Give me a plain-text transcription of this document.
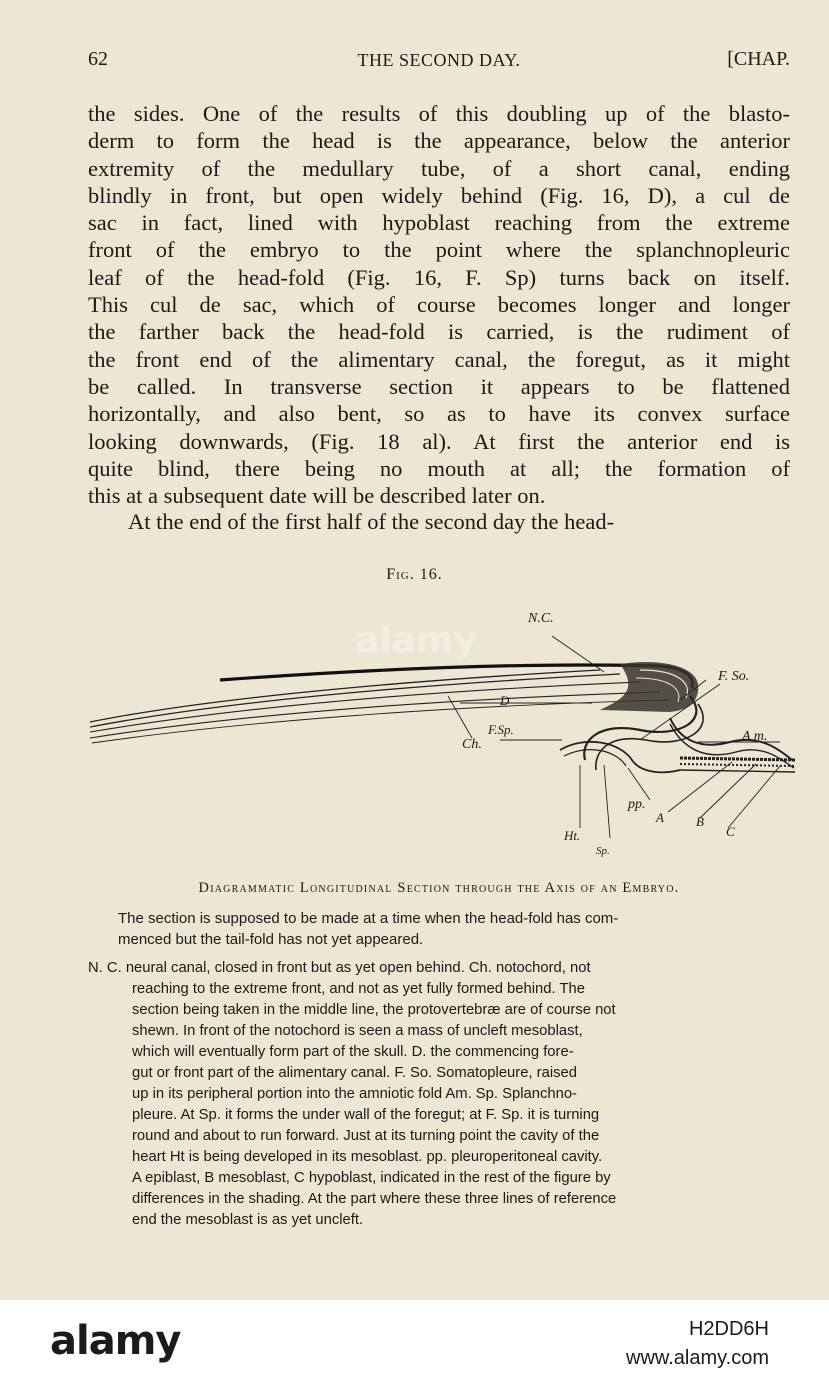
62	THE SECOND DAY.	[CHAP.
the sides. One of the results of this doubling up of the blasto-
derm to form the head is the appearance, below the anterior
extremity of the medullary tube, of a short canal, ending
blindly in front, but open widely behind (Fig. 16, D), a cul de
sac in fact, lined with hypoblast reaching from the extreme
front of the embryo to the point where the splanchnopleuric
leaf of the head-fold (Fig. 16, F. Sp) turns back on itself.
This cul de sac, which of course becomes longer and longer
the farther back the head-fold is carried, is the rudiment of
the front end of the alimentary canal, the foregut, as it might
be called. In transverse section it appears to be flattened
horizontally, and also bent, so as to have its convex surface
looking downwards, (Fig. 18 al). At first the anterior end is
quite blind, there being no mouth at all; the formation of
this at a subsequent date will be described later on.
At the end of the first half of the second day the head-
Fig. 16.
N.C.
F. So.
D
F.Sp.
Ch.
A m.
pp.
A B
C
Ht.
Sp.
Diagrammatic Longitudinal Section through the Axis of an Embryo.
The section is supposed to be made at a time when the head-fold has com-
menced but the tail-fold has not yet appeared.
N. C. neural canal, closed in front but as yet open behind. Ch. notochord, not
reaching to the extreme front, and not as yet fully formed behind. The
section being taken in the middle line, the protovertebræ are of course not
shewn. In front of the notochord is seen a mass of uncleft mesoblast,
which will eventually form part of the skull. D. the commencing fore-
gut or front part of the alimentary canal. F. So. Somatopleure, raised
up in its peripheral portion into the amniotic fold Am. Sp. Splanchno-
pleure. At Sp. it forms the under wall of the foregut; at F. Sp. it is turning
round and about to run forward. Just at its turning point the cavity of the
heart Ht is being developed in its mesoblast. pp. pleuroperitoneal cavity.
A epiblast, B mesoblast, C hypoblast, indicated in the rest of the figure by
differences in the shading. At the part where these three lines of reference
end the mesoblast is as yet uncleft.
alamy
alamy	H2DD6H
www.alamy.com
